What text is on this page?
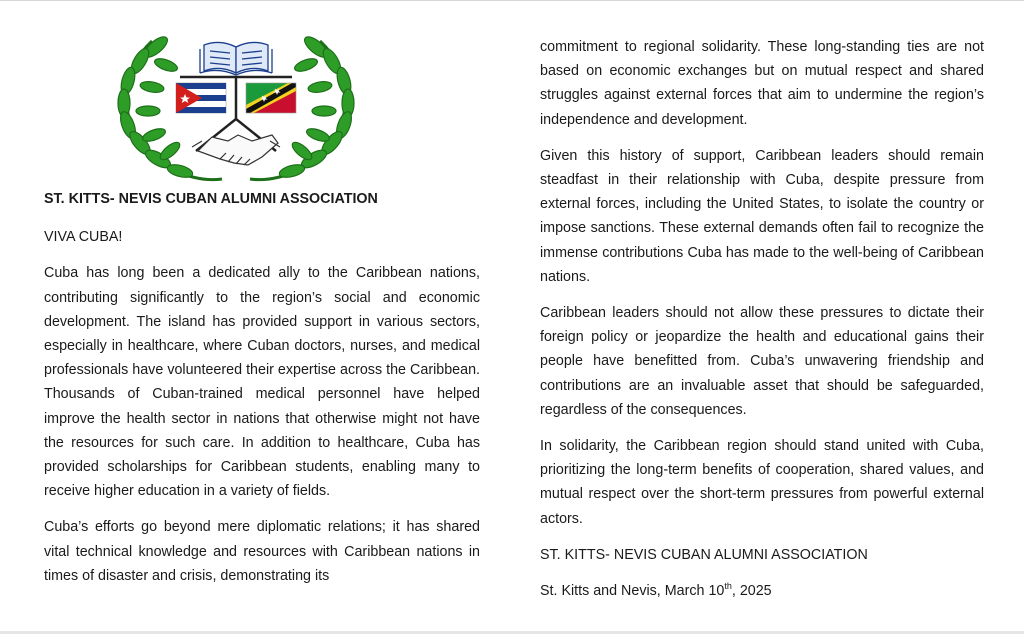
ST. KITTS- NEVIS CUBAN ALUMNI ASSOCIATION

VIVA CUBA!

Cuba has long been a dedicated ally to the Caribbean nations, contributing significantly to the region’s social and economic development. The island has provided support in various sectors, especially in healthcare, where Cuban doctors, nurses, and medical professionals have volunteered their expertise across the Caribbean. Thousands of Cuban-trained medical personnel have helped improve the health sector in nations that otherwise might not have the resources for such care. In addition to healthcare, Cuba has provided scholarships for Caribbean students, enabling many to receive higher education in a variety of fields.

Cuba’s efforts go beyond mere diplomatic relations; it has shared vital technical knowledge and resources with Caribbean nations in times of disaster and crisis, demonstrating its

commitment to regional solidarity. These long-standing ties are not based on economic exchanges but on mutual respect and shared struggles against external forces that aim to undermine the region’s independence and development.

Given this history of support, Caribbean leaders should remain steadfast in their relationship with Cuba, despite pressure from external forces, including the United States, to isolate the country or impose sanctions. These external demands often fail to recognize the immense contributions Cuba has made to the well-being of Caribbean nations.

Caribbean leaders should not allow these pressures to dictate their foreign policy or jeopardize the health and educational gains their people have benefitted from. Cuba’s unwavering friendship and contributions are an invaluable asset that should be safeguarded, regardless of the consequences.

In solidarity, the Caribbean region should stand united with Cuba, prioritizing the long-term benefits of cooperation, shared values, and mutual respect over the short-term pressures from powerful external actors.

ST. KITTS- NEVIS CUBAN ALUMNI ASSOCIATION

St. Kitts and Nevis, March 10th, 2025
